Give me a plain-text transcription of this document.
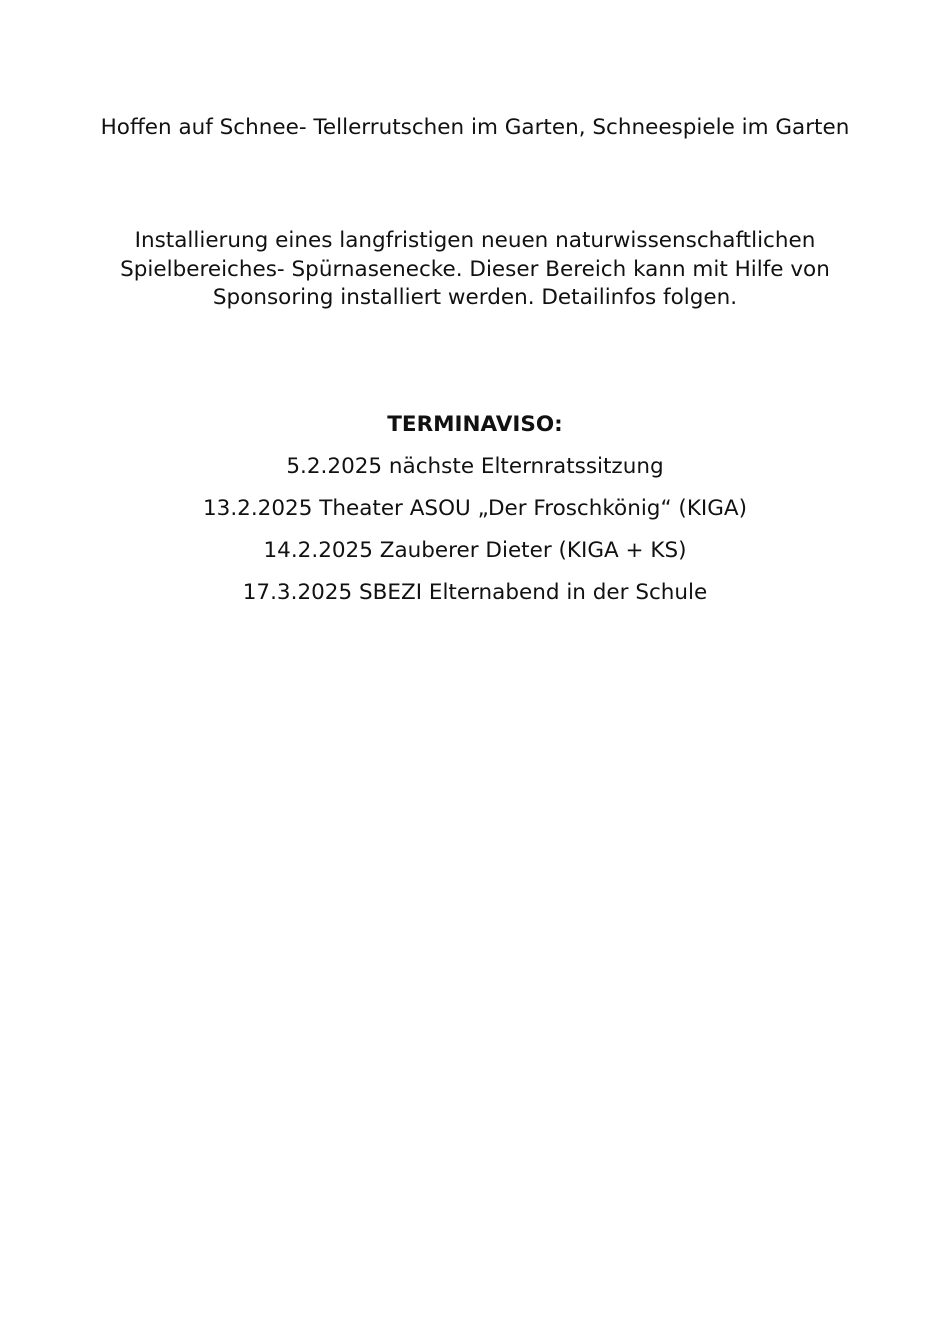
Hoffen auf Schnee- Tellerrutschen im Garten, Schneespiele im Garten

Installierung eines langfristigen neuen naturwissenschaftlichen Spielbereiches- Spürnasenecke. Dieser Bereich kann mit Hilfe von Sponsoring installiert werden. Detailinfos folgen.

TERMINAVISO:

5.2.2025 nächste Elternratssitzung
13.2.2025 Theater ASOU „Der Froschkönig“ (KIGA)
14.2.2025 Zauberer Dieter (KIGA + KS)
17.3.2025 SBEZI Elternabend in der Schule
